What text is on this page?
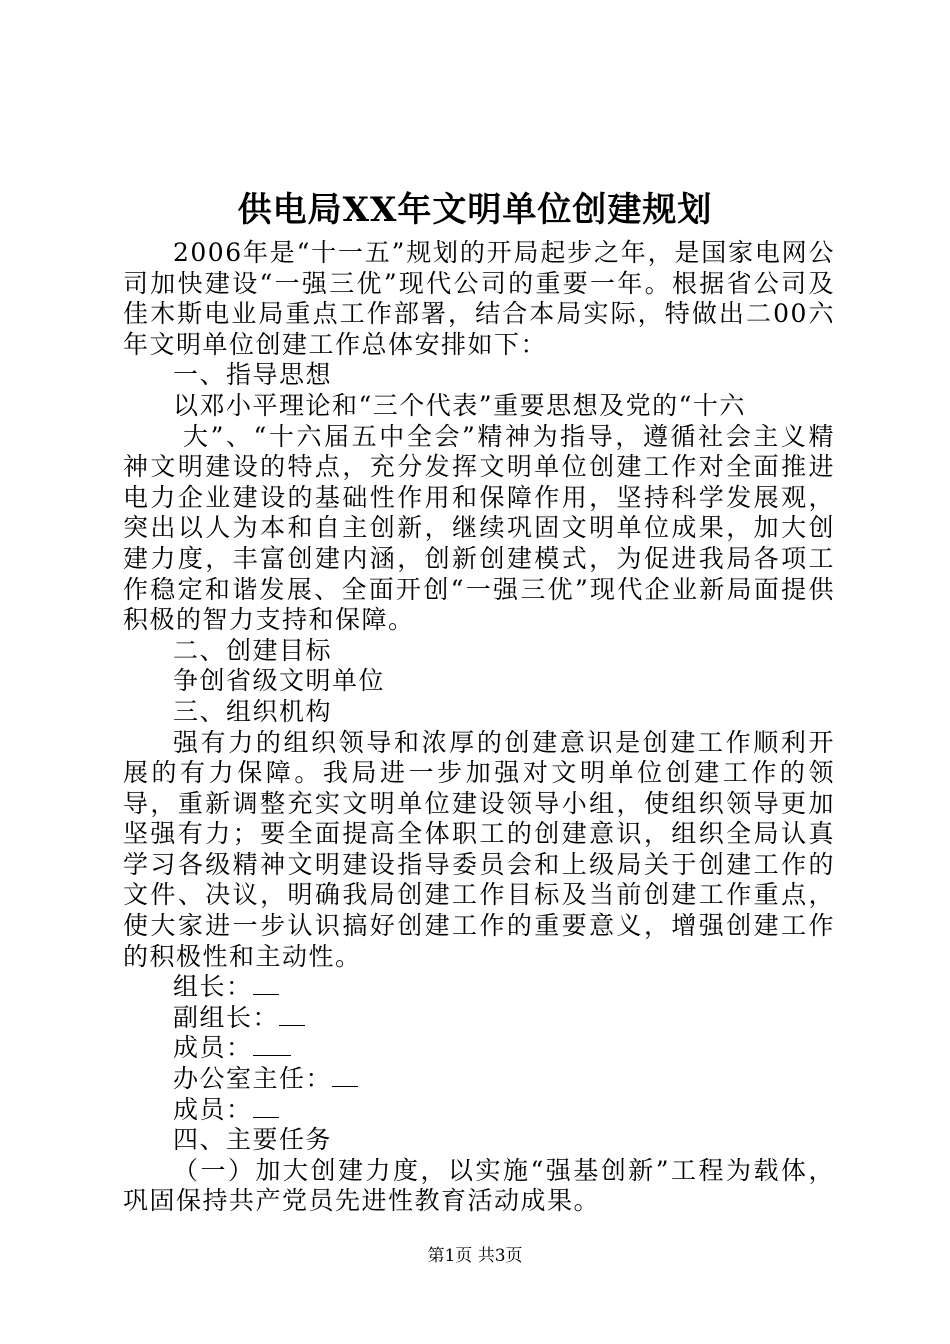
供电局XX年文明单位创建规划

2006年是“十一五”规划的开局起步之年，是国家电网公司加快建设“一强三优”现代公司的重要一年。根据省公司及佳木斯电业局重点工作部署，结合本局实际，特做出二00六年文明单位创建工作总体安排如下：

一、指导思想

以邓小平理论和“三个代表”重要思想及党的“十六
大”、“十六届五中全会”精神为指导，遵循社会主义精神文明建设的特点，充分发挥文明单位创建工作对全面推进电力企业建设的基础性作用和保障作用，坚持科学发展观，突出以人为本和自主创新，继续巩固文明单位成果，加大创建力度，丰富创建内涵，创新创建模式，为促进我局各项工作稳定和谐发展、全面开创“一强三优”现代企业新局面提供积极的智力支持和保障。

二、创建目标

争创省级文明单位

三、组织机构

强有力的组织领导和浓厚的创建意识是创建工作顺利开展的有力保障。我局进一步加强对文明单位创建工作的领导，重新调整充实文明单位建设领导小组，使组织领导更加坚强有力；要全面提高全体职工的创建意识，组织全局认真学习各级精神文明建设指导委员会和上级局关于创建工作的文件、决议，明确我局创建工作目标及当前创建工作重点，使大家进一步认识搞好创建工作的重要意义，增强创建工作的积极性和主动性。

组长：

副组长：

成员：

办公室主任：

成员：

四、主要任务

（一）加大创建力度，以实施“强基创新”工程为载体，巩固保持共产党员先进性教育活动成果。

第1页 共3页
